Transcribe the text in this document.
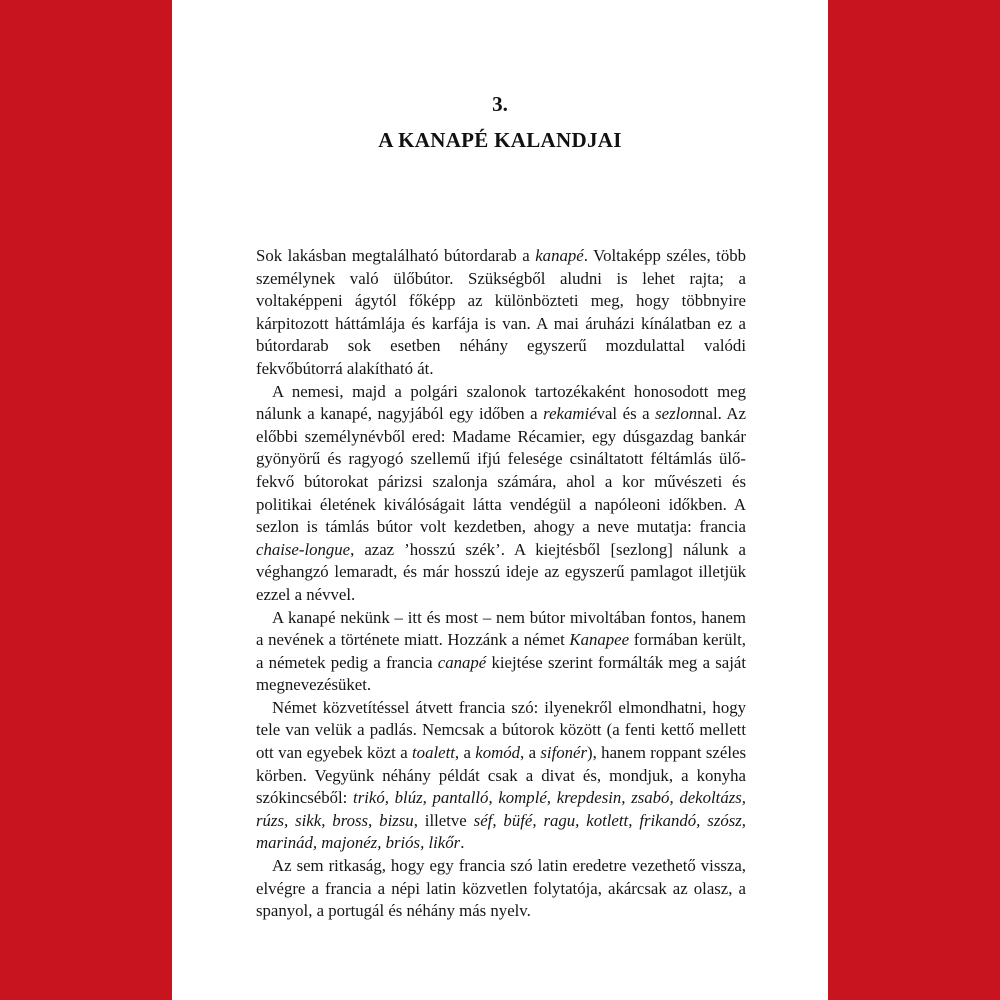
3.
A KANAPÉ KALANDJAI

Sok lakásban megtalálható bútordarab a kanapé. Voltaképp széles, több személynek való ülőbútor. Szükségből aludni is lehet rajta; a voltaképpeni ágytól főképp az különbözteti meg, hogy többnyire kárpitozott háttámlája és karfája is van. A mai áruházi kínálatban ez a bútordarab sok esetben néhány egyszerű mozdulattal valódi fekvőbútorrá alakítható át.

A nemesi, majd a polgári szalonok tartozékaként honosodott meg nálunk a kanapé, nagyjából egy időben a rekamiéval és a sezlonnal. Az előbbi személynévből ered: Madame Récamier, egy dúsgazdag bankár gyönyörű és ragyogó szellemű ifjú felesége csináltatott féltámlás ülő-fekvő bútorokat párizsi szalonja számára, ahol a kor művészeti és politikai életének kiválóságait látta vendégül a napóleoni időkben. A sezlon is támlás bútor volt kezdetben, ahogy a neve mutatja: francia chaise-longue, azaz ’hosszú szék’. A kiejtésből [sezlong] nálunk a véghangzó lemaradt, és már hosszú ideje az egyszerű pamlagot illetjük ezzel a névvel.

A kanapé nekünk – itt és most – nem bútor mivoltában fontos, hanem a nevének a története miatt. Hozzánk a német Kanapee formában került, a németek pedig a francia canapé kiejtése szerint formálták meg a saját megnevezésüket.

Német közvetítéssel átvett francia szó: ilyenekről elmondhatni, hogy tele van velük a padlás. Nemcsak a bútorok között (a fenti kettő mellett ott van egyebek közt a toalett, a komód, a sifonér), hanem roppant széles körben. Vegyünk néhány példát csak a divat és, mondjuk, a konyha szókincséből: trikó, blúz, pantalló, komplé, krepdesin, zsabó, dekoltázs, rúzs, sikk, bross, bizsu, illetve séf, büfé, ragu, kotlett, frikandó, szósz, marinád, majonéz, briós, likőr.

Az sem ritkaság, hogy egy francia szó latin eredetre vezethető vissza, elvégre a francia a népi latin közvetlen folytatója, akárcsak az olasz, a spanyol, a portugál és néhány más nyelv.
